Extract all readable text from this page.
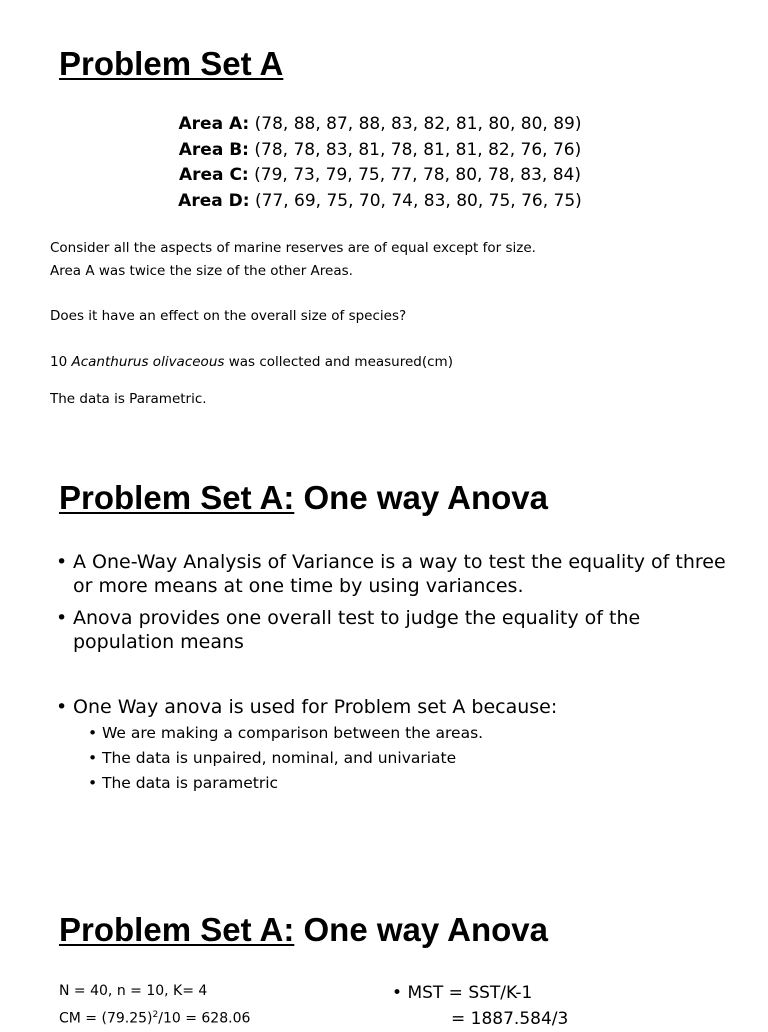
Problem Set A
Area A: (78, 88, 87, 88, 83, 82, 81, 80, 80, 89)
Area B: (78, 78, 83, 81, 78, 81, 81, 82, 76, 76)
Area C: (79, 73, 79, 75, 77, 78, 80, 78, 83, 84)
Area D: (77, 69, 75, 70, 74, 83, 80, 75, 76, 75)
Consider all the aspects of marine reserves are of equal except for size.
Area A was twice the size of the other Areas.
Does it have an effect on the overall size of species?
10 Acanthurus olivaceous was collected and measured(cm)
The data is Parametric.
Problem Set A: One way Anova

• A One-Way Analysis of Variance is a way to test the equality of three or more means at one time by using variances.

• Anova provides one overall test to judge the equality of the population means

• One Way anova is used for Problem set A because:

• We are making a comparison between the areas.
• The data is unpaired, nominal, and univariate
• The data is parametric
Problem Set A: One way Anova
N = 40, n = 10, K= 4
CM = $(79.25)^2/10 = 628.06$
• MST = SST/K-1
= 1887.584/3
